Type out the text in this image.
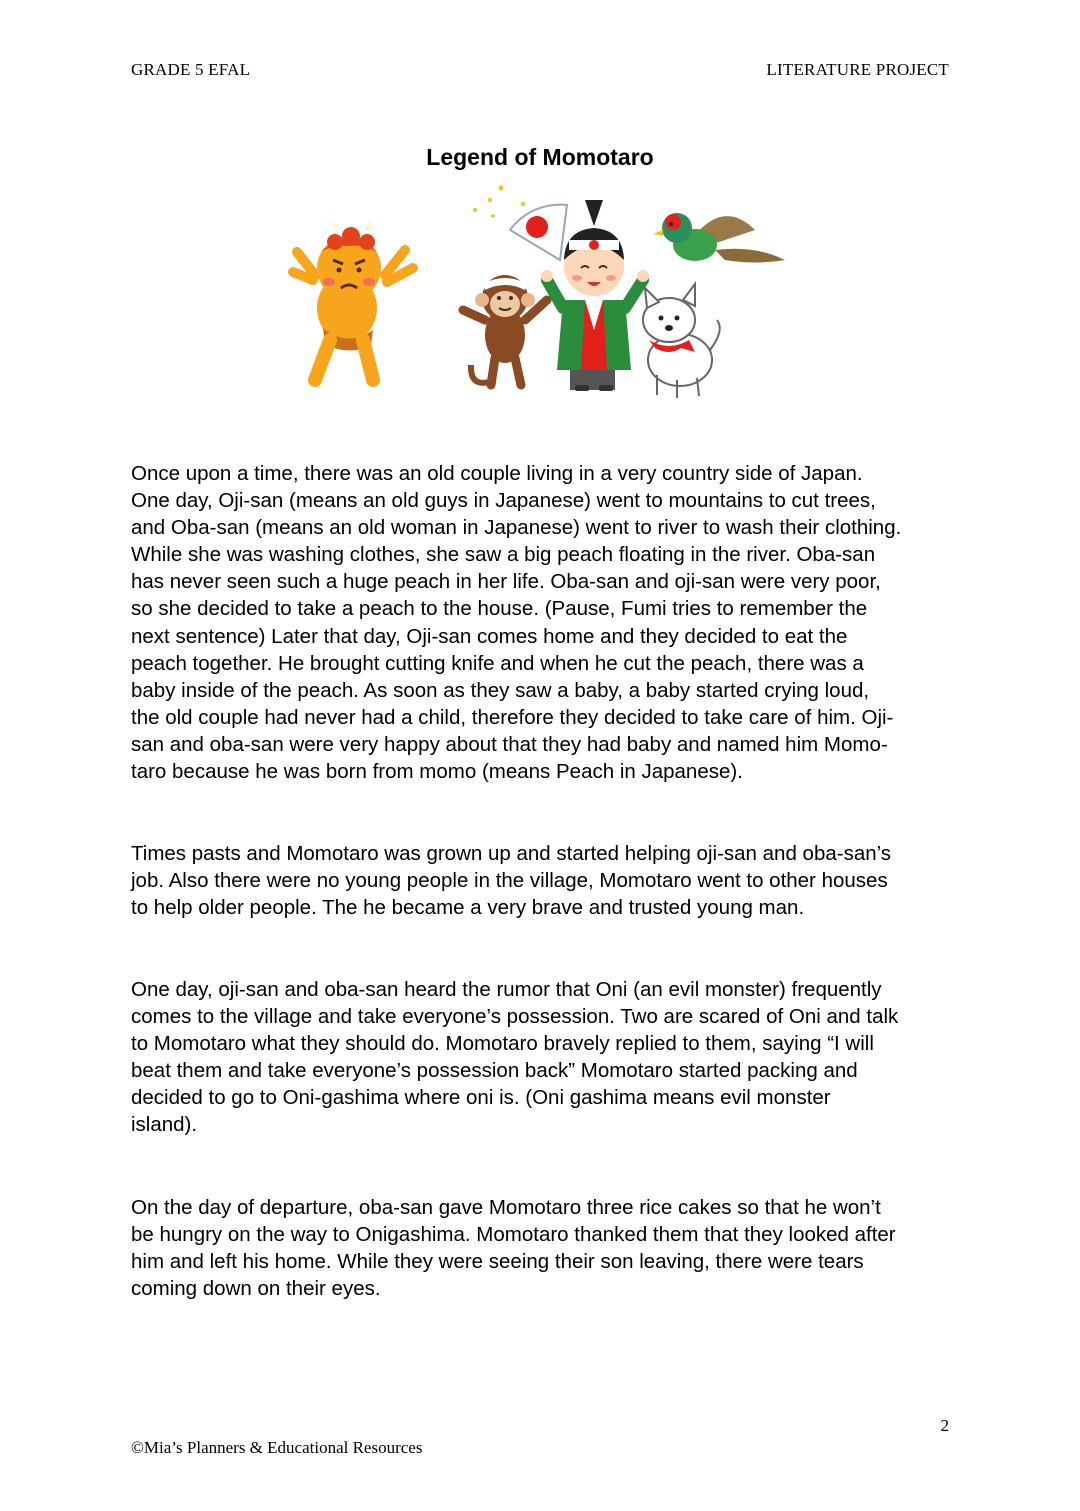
GRADE 5 EFAL	LITERATURE PROJECT
Legend of Momotaro

Once upon a time, there was an old couple living in a very country side of Japan.
One day, Oji-san (means an old guys in Japanese) went to mountains to cut trees,
and Oba-san (means an old woman in Japanese) went to river to wash their clothing.
While she was washing clothes, she saw a big peach floating in the river. Oba-san
has never seen such a huge peach in her life. Oba-san and oji-san were very poor,
so she decided to take a peach to the house. (Pause, Fumi tries to remember the
next sentence) Later that day, Oji-san comes home and they decided to eat the
peach together. He brought cutting knife and when he cut the peach, there was a
baby inside of the peach. As soon as they saw a baby, a baby started crying loud,
the old couple had never had a child, therefore they decided to take care of him. Oji-
san and oba-san were very happy about that they had baby and named him Momo-
taro because he was born from momo (means Peach in Japanese).

Times pasts and Momotaro was grown up and started helping oji-san and oba-san’s
job. Also there were no young people in the village, Momotaro went to other houses
to help older people. The he became a very brave and trusted young man.

One day, oji-san and oba-san heard the rumor that Oni (an evil monster) frequently
comes to the village and take everyone’s possession. Two are scared of Oni and talk
to Momotaro what they should do. Momotaro bravely replied to them, saying “I will
beat them and take everyone’s possession back” Momotaro started packing and
decided to go to Oni-gashima where oni is. (Oni gashima means evil monster
island).

On the day of departure, oba-san gave Momotaro three rice cakes so that he won’t
be hungry on the way to Onigashima. Momotaro thanked them that they looked after
him and left his home. While they were seeing their son leaving, there were tears
coming down on their eyes.

2
©Mia’s Planners & Educational Resources
